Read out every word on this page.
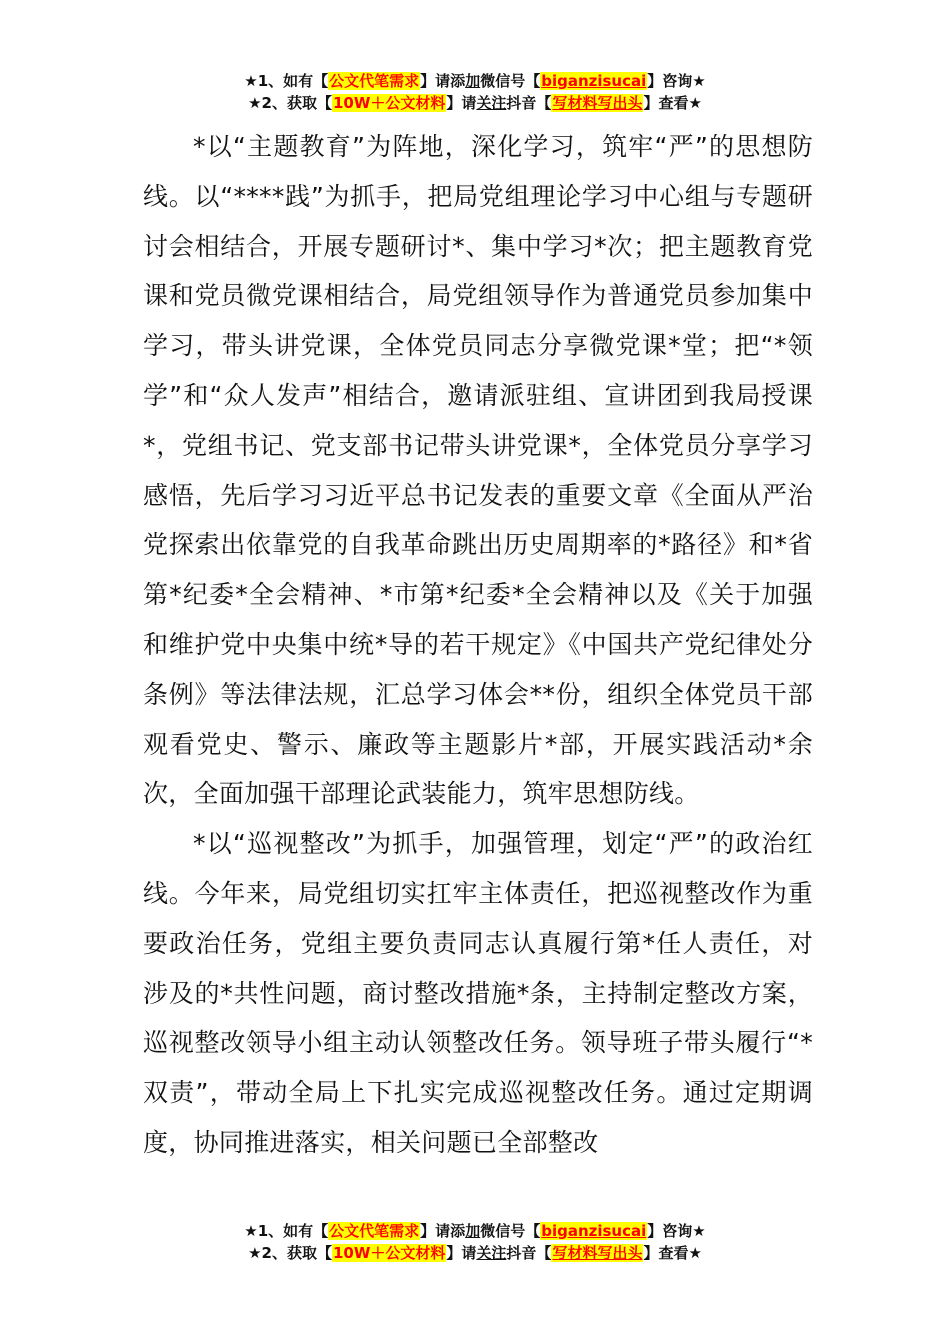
★1、如有【公文代笔需求】请添加微信号【biganzisucai】咨询★
★2、获取【10W＋公文材料】请关注抖音【写材料写出头】查看★

*以“主题教育”为阵地，深化学习，筑牢“严”的思想防线。以“****践”为抓手，把局党组理论学习中心组与专题研讨会相结合，开展专题研讨*、集中学习*次；把主题教育党课和党员微党课相结合，局党组领导作为普通党员参加集中学习，带头讲党课，全体党员同志分享微党课*堂；把“*领学”和“众人发声”相结合，邀请派驻组、宣讲团到我局授课*，党组书记、党支部书记带头讲党课*，全体党员分享学习感悟，先后学习习近平总书记发表的重要文章《全面从严治党探索出依靠党的自我革命跳出历史周期率的*路径》和*省第*纪委*全会精神、*市第*纪委*全会精神以及《关于加强和维护党中央集中统*导的若干规定》《中国共产党纪律处分条例》等法律法规，汇总学习体会**份，组织全体党员干部观看党史、警示、廉政等主题影片*部，开展实践活动*余次，全面加强干部理论武装能力，筑牢思想防线。

*以“巡视整改”为抓手，加强管理，划定“严”的政治红线。今年来，局党组切实扛牢主体责任，把巡视整改作为重要政治任务，党组主要负责同志认真履行第*任人责任，对涉及的*共性问题，商讨整改措施*条，主持制定整改方案，巡视整改领导小组主动认领整改任务。领导班子带头履行“*双责”，带动全局上下扎实完成巡视整改任务。通过定期调度，协同推进落实，相关问题已全部整改

★1、如有【公文代笔需求】请添加微信号【biganzisucai】咨询★
★2、获取【10W＋公文材料】请关注抖音【写材料写出头】查看★
